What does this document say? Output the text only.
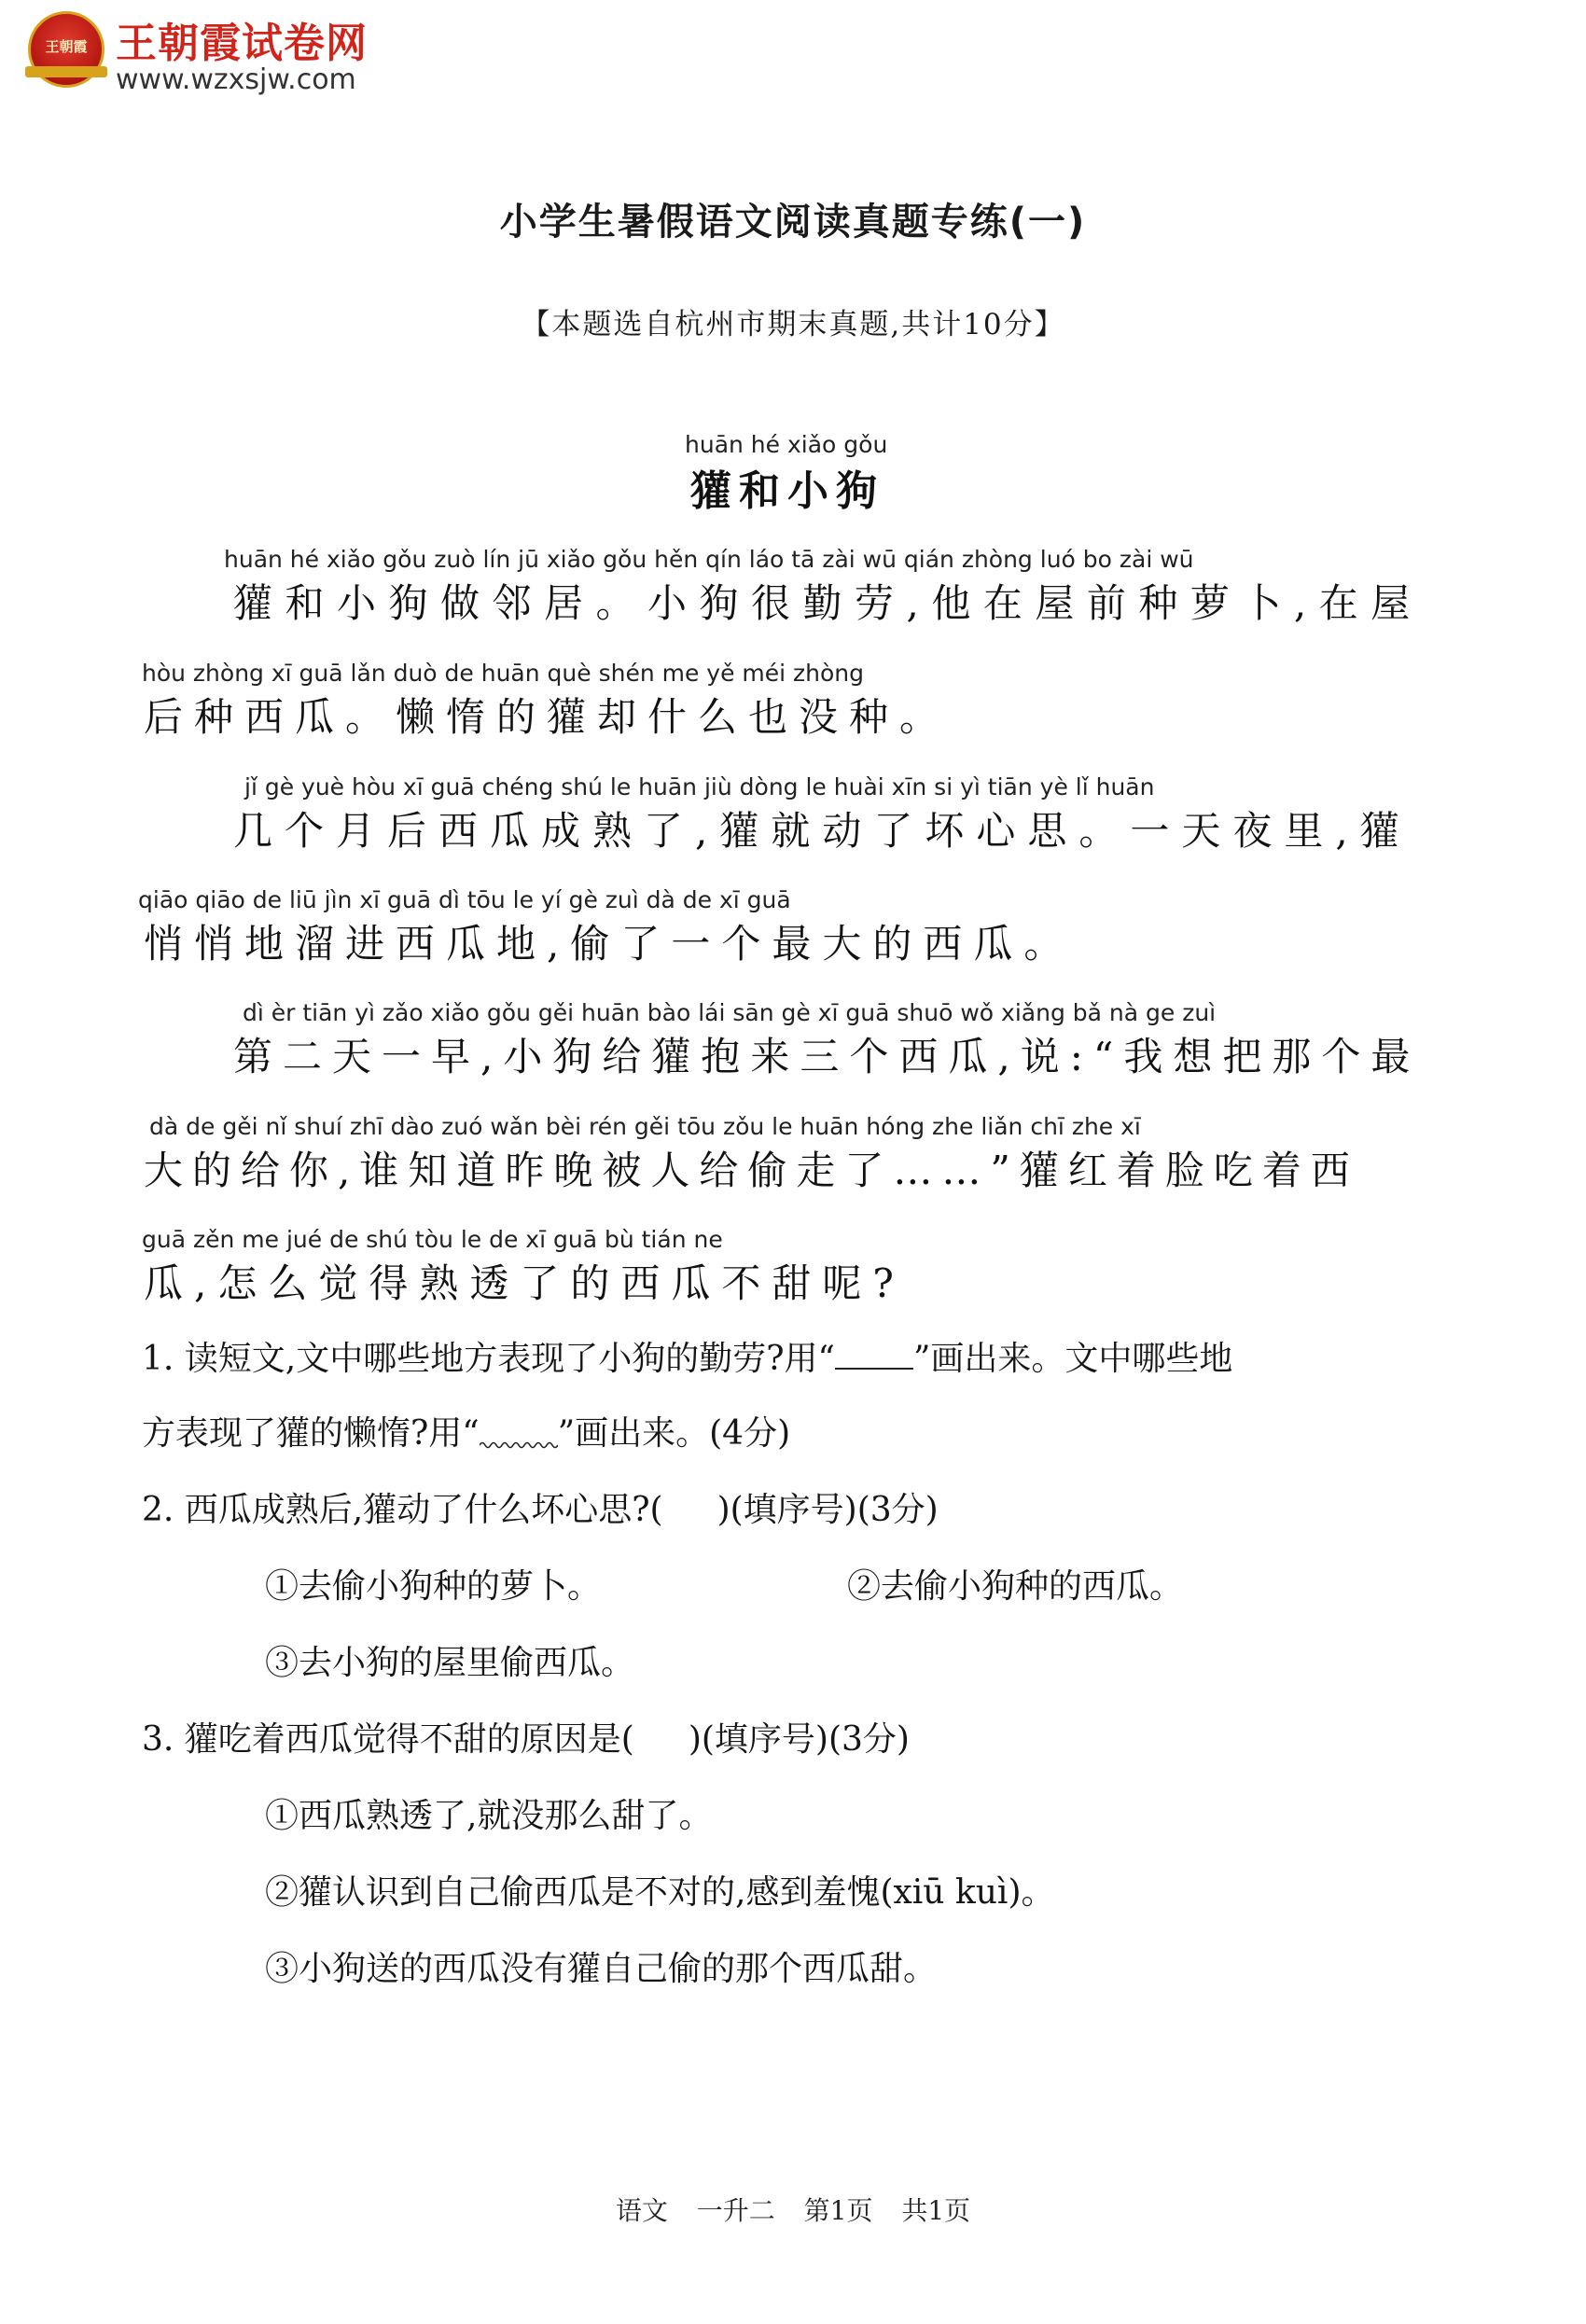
王朝霞 王朝霞试卷网
www.wzxsjw.com
小学生暑假语文阅读真题专练(一)
【本题选自杭州市期末真题,共计10分】
huān hé xiǎo gǒu
獾和小狗
huān hé xiǎo gǒu zuò lín jū xiǎo gǒu hěn qín láo tā zài wū qián zhòng luó bo zài wū
獾和小狗做邻居。小狗很勤劳,他在屋前种萝卜,在屋
hòu zhòng xī guā lǎn duò de huān què shén me yě méi zhòng
后种西瓜。懒惰的獾却什么也没种。
jǐ gè yuè hòu xī guā chéng shú le huān jiù dòng le huài xīn si yì tiān yè lǐ huān
几个月后西瓜成熟了,獾就动了坏心思。一天夜里,獾
qiāo qiāo de liū jìn xī guā dì tōu le yí gè zuì dà de xī guā
悄悄地溜进西瓜地,偷了一个最大的西瓜。
dì èr tiān yì zǎo xiǎo gǒu gěi huān bào lái sān gè xī guā shuō wǒ xiǎng bǎ nà ge zuì
第二天一早,小狗给獾抱来三个西瓜,说:“我想把那个最
dà de gěi nǐ shuí zhī dào zuó wǎn bèi rén gěi tōu zǒu le huān hóng zhe liǎn chī zhe xī
大的给你,谁知道昨晚被人给偷走了……”獾红着脸吃着西
guā zěn me jué de shú tòu le de xī guā bù tián ne
瓜,怎么觉得熟透了的西瓜不甜呢?
1. 读短文,文中哪些地方表现了小狗的勤劳?用“ ”画出来。文中哪些地
方表现了獾的懒惰?用“ ”画出来。(4分)
2. 西瓜成熟后,獾动了什么坏心思?( )(填序号)(3分)
①去偷小狗种的萝卜。	②去偷小狗种的西瓜。
③去小狗的屋里偷西瓜。
3. 獾吃着西瓜觉得不甜的原因是( )(填序号)(3分)
①西瓜熟透了,就没那么甜了。
②獾认识到自己偷西瓜是不对的,感到羞愧(xiū kuì)。
③小狗送的西瓜没有獾自己偷的那个西瓜甜。
语文 一升二 第1页 共1页
